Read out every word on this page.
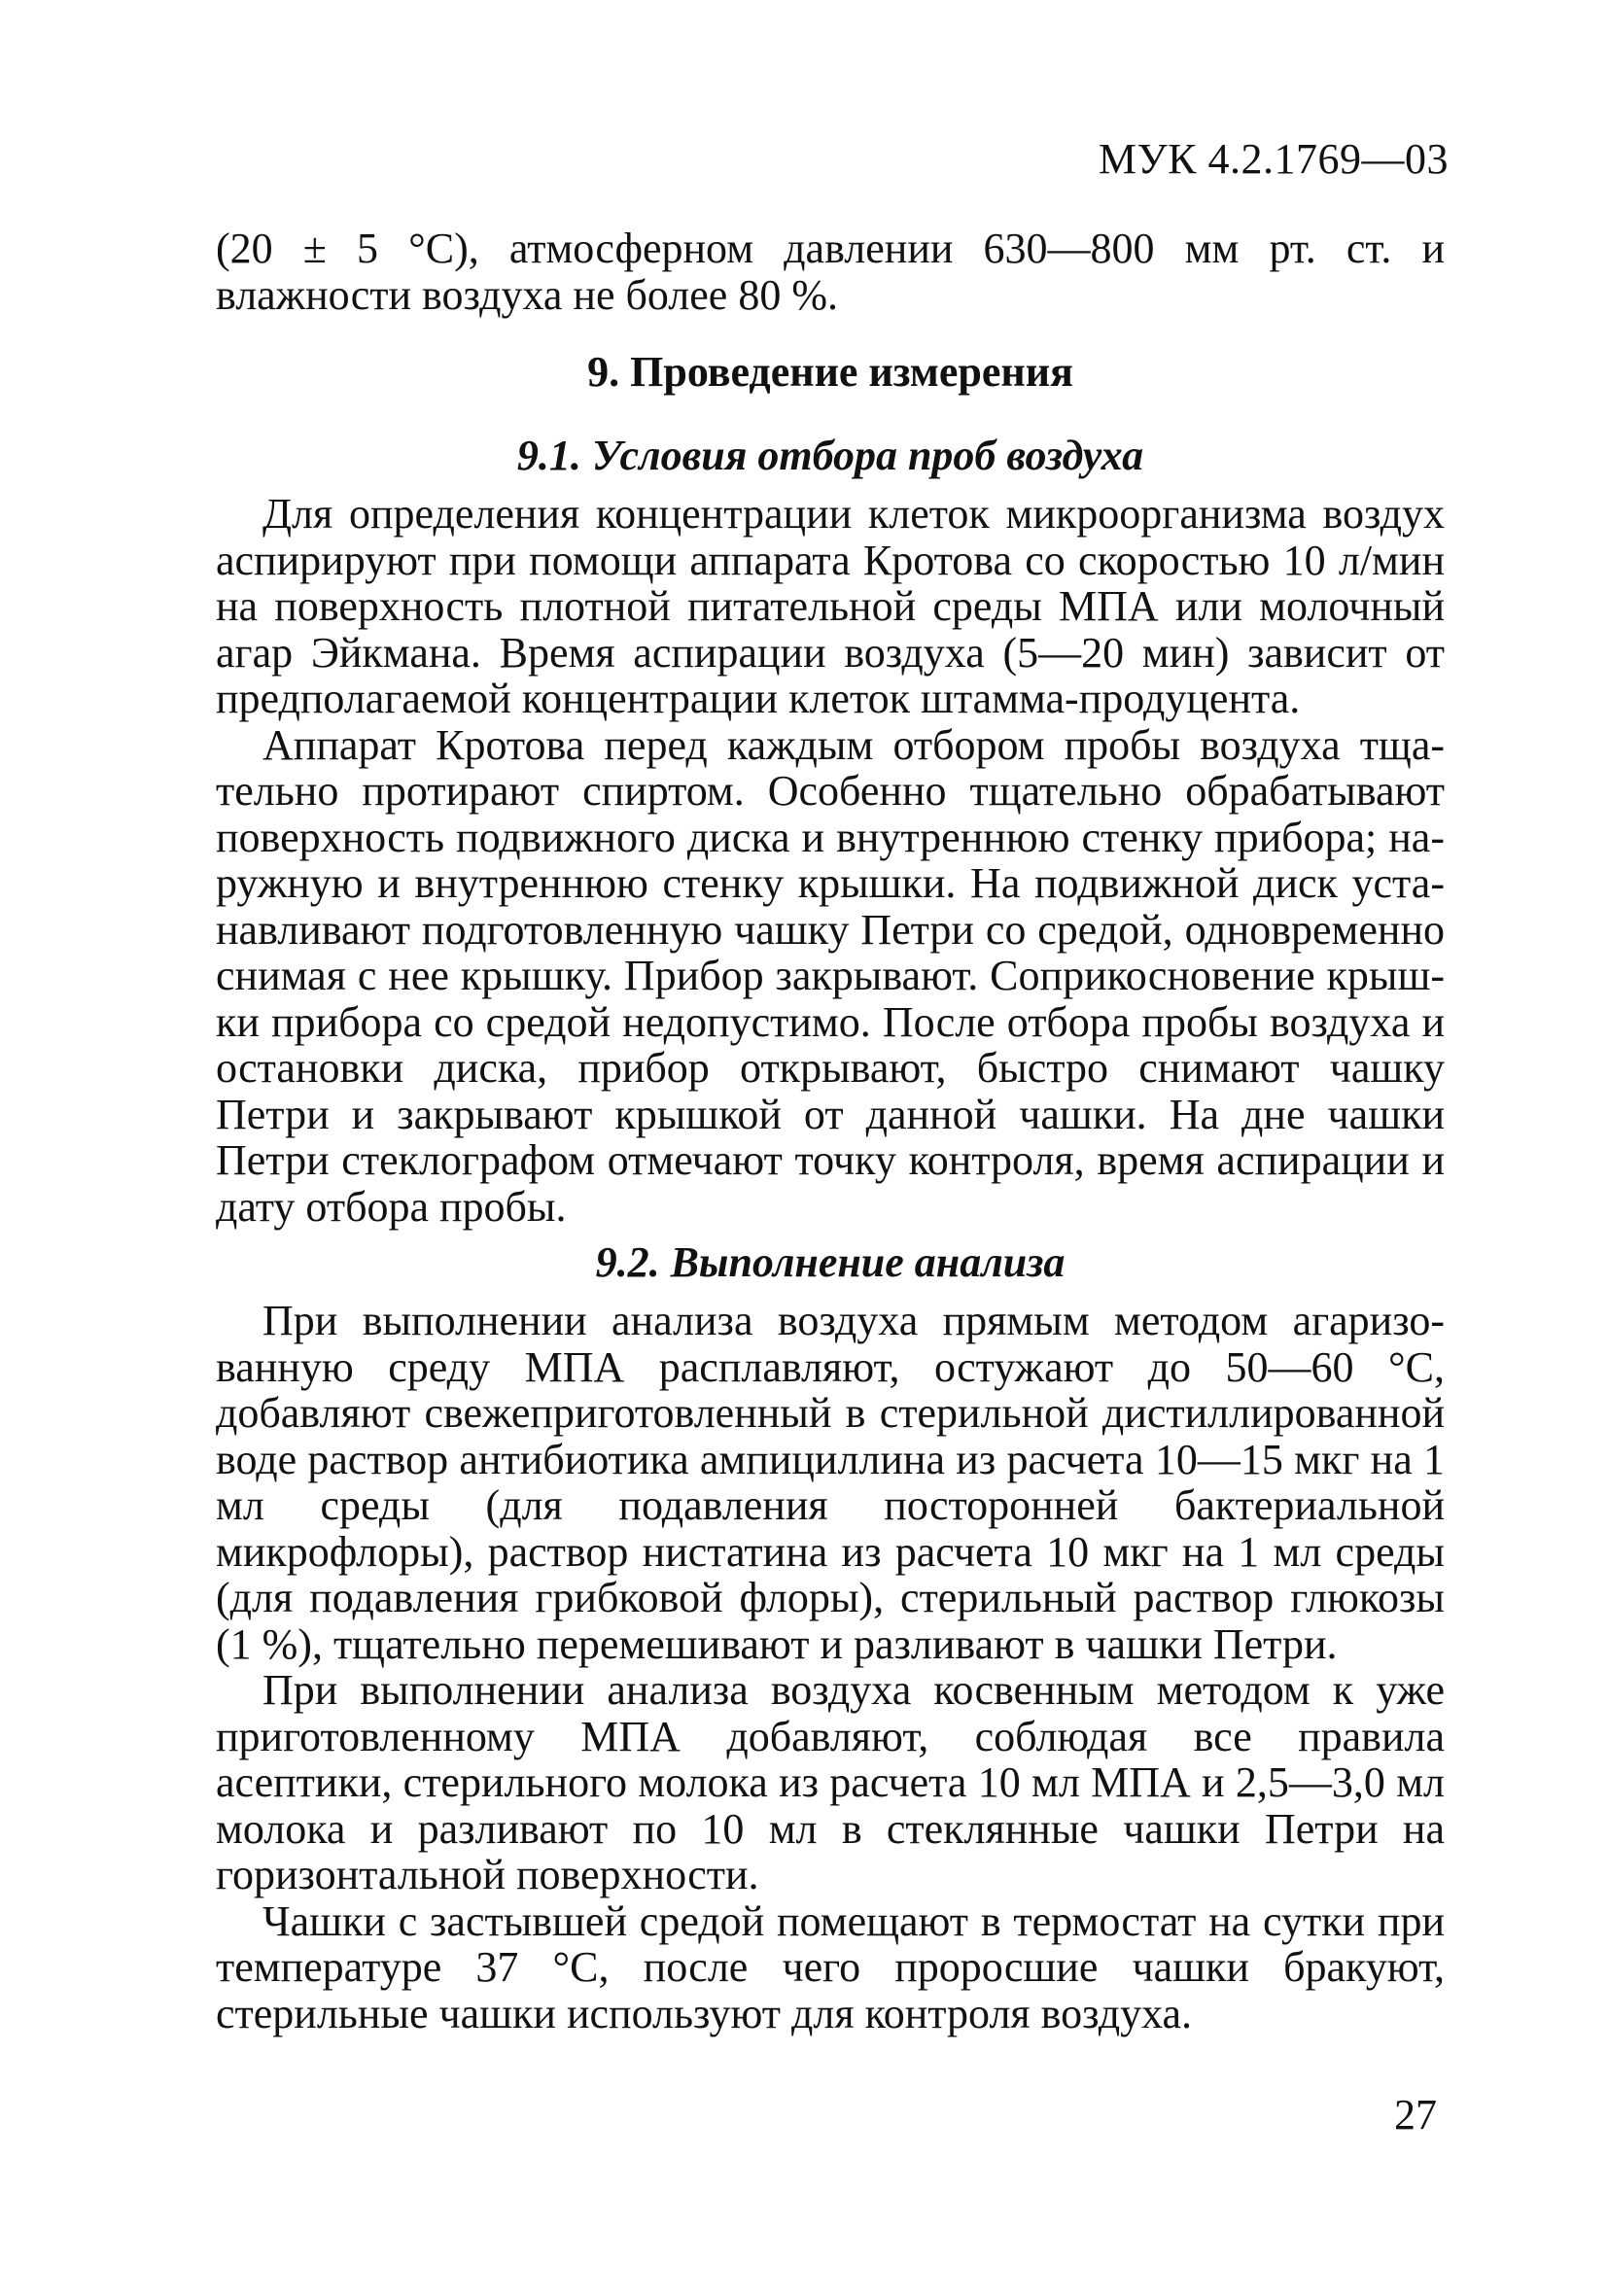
МУК 4.2.1769—03

(20 ± 5 °C), атмосферном давлении 630—800 мм рт. ст. и влажности воздуха не более 80 %.

9. Проведение измерения
9.1. Условия отбора проб воздуха

Для определения концентрации клеток микроорганизма воздух аспирируют при помощи аппарата Кротова со скоростью 10 л/мин на поверхность плотной питательной среды МПА или молочный агар Эйкмана. Время аспирации воздуха (5—20 мин) зависит от предполагаемой концентрации клеток штамма-продуцента.

Аппарат Кротова перед каждым отбором пробы воздуха тщательно протирают спиртом. Особенно тщательно обрабатывают поверхность подвижного диска и внутреннюю стенку прибора; наружную и внутреннюю стенку крышки. На подвижной диск устанавливают подготовленную чашку Петри со средой, одновременно снимая с нее крышку. Прибор закрывают. Соприкосновение крышки прибора со средой недопустимо. После отбора пробы воздуха и остановки диска, прибор открывают, быстро снимают чашку Петри и закрывают крышкой от данной чашки. На дне чашки Петри стеклографом отмечают точку контроля, время аспирации и дату отбора пробы.

9.2. Выполнение анализа

При выполнении анализа воздуха прямым методом агаризованную среду МПА расплавляют, остужают до 50—60 °C, добавляют свежеприготовленный в стерильной дистиллированной воде раствор антибиотика ампициллина из расчета 10—15 мкг на 1 мл среды (для подавления посторонней бактериальной микрофлоры), раствор нистатина из расчета 10 мкг на 1 мл среды (для подавления грибковой флоры), стерильный раствор глюкозы (1 %), тщательно перемешивают и разливают в чашки Петри.

При выполнении анализа воздуха косвенным методом к уже приготовленному МПА добавляют, соблюдая все правила асептики, стерильного молока из расчета 10 мл МПА и 2,5—3,0 мл молока и разливают по 10 мл в стеклянные чашки Петри на горизонтальной поверхности.

Чашки с застывшей средой помещают в термостат на сутки при температуре 37 °C, после чего проросшие чашки бракуют, стерильные чашки используют для контроля воздуха.

27
